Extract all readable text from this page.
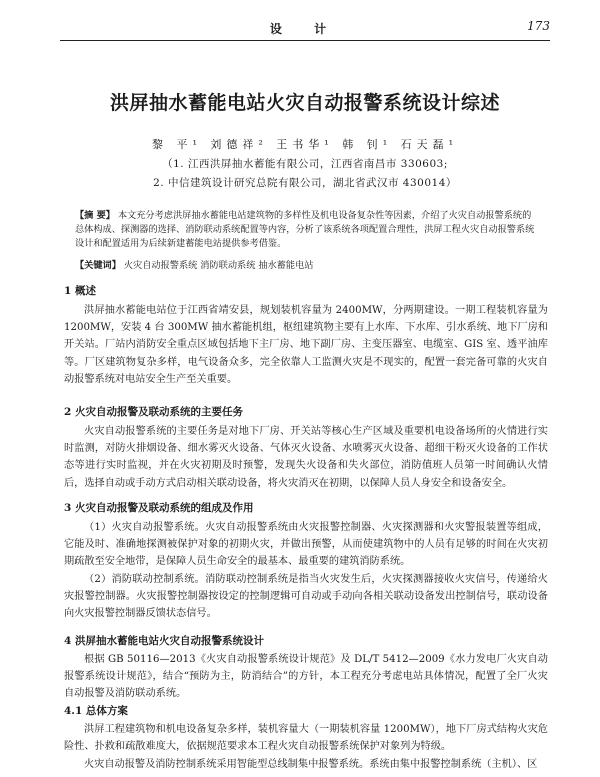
设 计	173
洪屏抽水蓄能电站火灾自动报警系统设计综述
黎 平¹ 刘德祥² 王书华¹ 韩 钊¹ 石天磊¹
（1. 江西洪屏抽水蓄能有限公司，江西省南昌市 330603;
2. 中信建筑设计研究总院有限公司，湖北省武汉市 430014）
【摘 要】 本文充分考虑洪屏抽水蓄能电站建筑物的多样性及机电设备复杂性等因素，介绍了火灾自动报警系统的总体构成、探测器的选择、消防联动系统配置等内容，分析了该系统各项配置合理性，洪屏工程火灾自动报警系统设计和配置适用为后续新建蓄能电站提供参考借鉴。
【关键词】 火灾自动报警系统 消防联动系统 抽水蓄能电站
1 概述
洪屏抽水蓄能电站位于江西省靖安县，规划装机容量为 2400MW，分两期建设。一期工程装机容量为 1200MW，安装 4 台 300MW 抽水蓄能机组，枢纽建筑物主要有上水库、下水库、引水系统、地下厂房和开关站。厂站内消防安全重点区域包括地下主厂房、地下副厂房、主变压器室、电缆室、GIS 室、透平油库等。厂区建筑物复杂多样，电气设备众多，完全依靠人工监测火灾是不现实的，配置一套完备可靠的火灾自动报警系统对电站安全生产至关重要。
2 火灾自动报警及联动系统的主要任务
火灾自动报警系统的主要任务是对地下厂房、开关站等核心生产区域及重要机电设备场所的火情进行实时监测，对防火排烟设备、细水雾灭火设备、气体灭火设备、水喷雾灭火设备、超细干粉灭火设备的工作状态等进行实时监视，并在火灾初期及时预警，发现失火设备和失火部位，消防值班人员第一时间确认火情后，选择自动或手动方式启动相关联动设备，将火灾消灭在初期，以保障人员人身安全和设备安全。
3 火灾自动报警及联动系统的组成及作用
（1）火灾自动报警系统。火灾自动报警系统由火灾报警控制器、火灾探测器和火灾警报装置等组成，它能及时、准确地探测被保护对象的初期火灾，并做出预警，从而使建筑物中的人员有足够的时间在火灾初期疏散至安全地带，是保障人员生命安全的最基本、最重要的建筑消防系统。
（2）消防联动控制系统。消防联动控制系统是指当火灾发生后，火灾探测器接收火灾信号，传递给火灾报警控制器。火灾报警控制器按设定的控制逻辑可自动或手动向各相关联动设备发出控制信号，联动设备向火灾报警控制器反馈状态信号。
4 洪屏抽水蓄能电站火灾自动报警系统设计
根据 GB 50116—2013《火灾自动报警系统设计规范》及 DL/T 5412—2009《水力发电厂火灾自动报警系统设计规范》，结合“预防为主，防消结合”的方针，本工程充分考虑电站具体情况，配置了全厂火灾自动报警及消防联动系统。
4.1 总体方案
洪屏工程建筑物和机电设备复杂多样，装机容量大（一期装机容量 1200MW），地下厂房式结构火灾危险性、扑救和疏散难度大，依据规范要求本工程火灾自动报警系统保护对象列为特级。
火灾自动报警及消防控制系统采用智能型总线制集中报警系统。系统由集中报警控制系统（主机）、区
